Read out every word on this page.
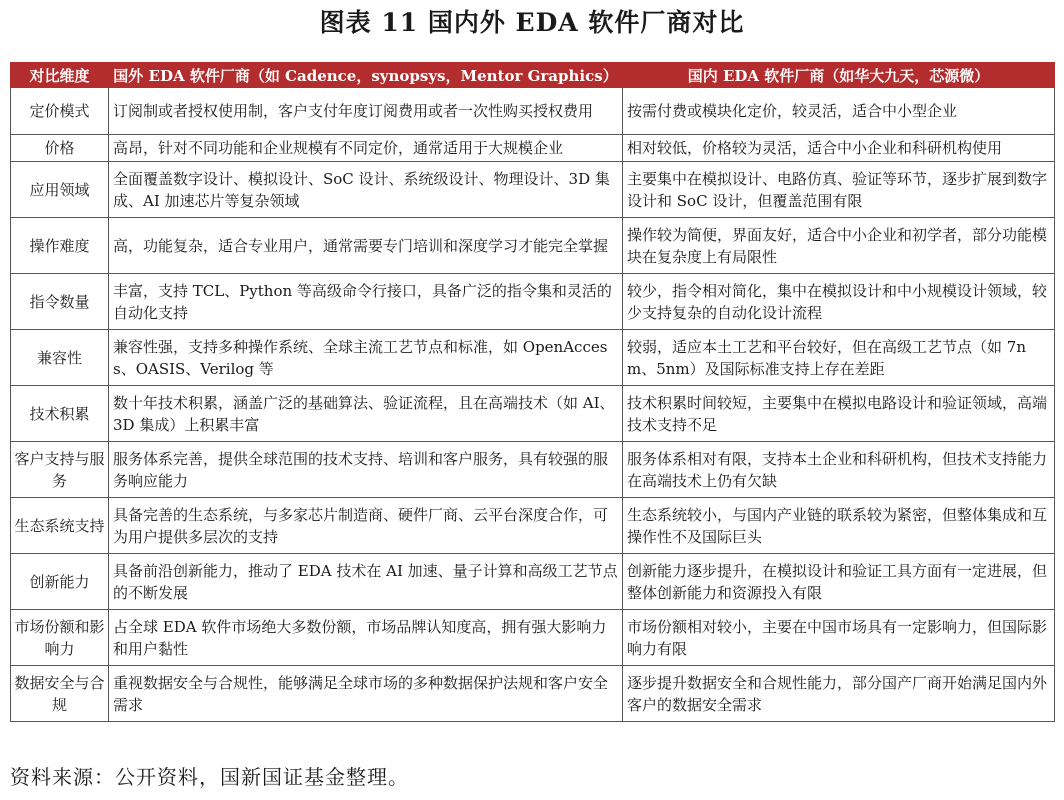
图表 11 国内外 EDA 软件厂商对比
对比维度	国外 EDA 软件厂商（如 Cadence，synopsys，Mentor Graphics）	国内 EDA 软件厂商（如华大九天，芯源微）
定价模式	订阅制或者授权使用制，客户支付年度订阅费用或者一次性购买授权费用	按需付费或模块化定价，较灵活，适合中小型企业
价格	高昂，针对不同功能和企业规模有不同定价，通常适用于大规模企业	相对较低，价格较为灵活，适合中小企业和科研机构使用
应用领域	全面覆盖数字设计、模拟设计、SoC 设计、系统级设计、物理设计、3D 集成、AI 加速芯片等复杂领域	主要集中在模拟设计、电路仿真、验证等环节，逐步扩展到数字设计和 SoC 设计，但覆盖范围有限
操作难度	高，功能复杂，适合专业用户，通常需要专门培训和深度学习才能完全掌握	操作较为简便，界面友好，适合中小企业和初学者，部分功能模块在复杂度上有局限性
指令数量	丰富，支持 TCL、Python 等高级命令行接口，具备广泛的指令集和灵活的自动化支持	较少，指令相对简化，集中在模拟设计和中小规模设计领域，较少支持复杂的自动化设计流程
兼容性	兼容性强，支持多种操作系统、全球主流工艺节点和标准，如 OpenAccess、OASIS、Verilog 等	较弱，适应本土工艺和平台较好，但在高级工艺节点（如 7nm、5nm）及国际标准支持上存在差距
技术积累	数十年技术积累，涵盖广泛的基础算法、验证流程，且在高端技术（如 AI、3D 集成）上积累丰富	技术积累时间较短，主要集中在模拟电路设计和验证领域，高端技术支持不足
客户支持与服务	服务体系完善，提供全球范围的技术支持、培训和客户服务，具有较强的服务响应能力	服务体系相对有限，支持本土企业和科研机构，但技术支持能力在高端技术上仍有欠缺
生态系统支持	具备完善的生态系统，与多家芯片制造商、硬件厂商、云平台深度合作，可为用户提供多层次的支持	生态系统较小，与国内产业链的联系较为紧密，但整体集成和互操作性不及国际巨头
创新能力	具备前沿创新能力，推动了 EDA 技术在 AI 加速、量子计算和高级工艺节点的不断发展	创新能力逐步提升，在模拟设计和验证工具方面有一定进展，但整体创新能力和资源投入有限
市场份额和影响力	占全球 EDA 软件市场绝大多数份额，市场品牌认知度高，拥有强大影响力和用户黏性	市场份额相对较小，主要在中国市场具有一定影响力，但国际影响力有限
数据安全与合规	重视数据安全与合规性，能够满足全球市场的多种数据保护法规和客户安全需求	逐步提升数据安全和合规性能力，部分国产厂商开始满足国内外客户的数据安全需求
资料来源：公开资料，国新国证基金整理。
